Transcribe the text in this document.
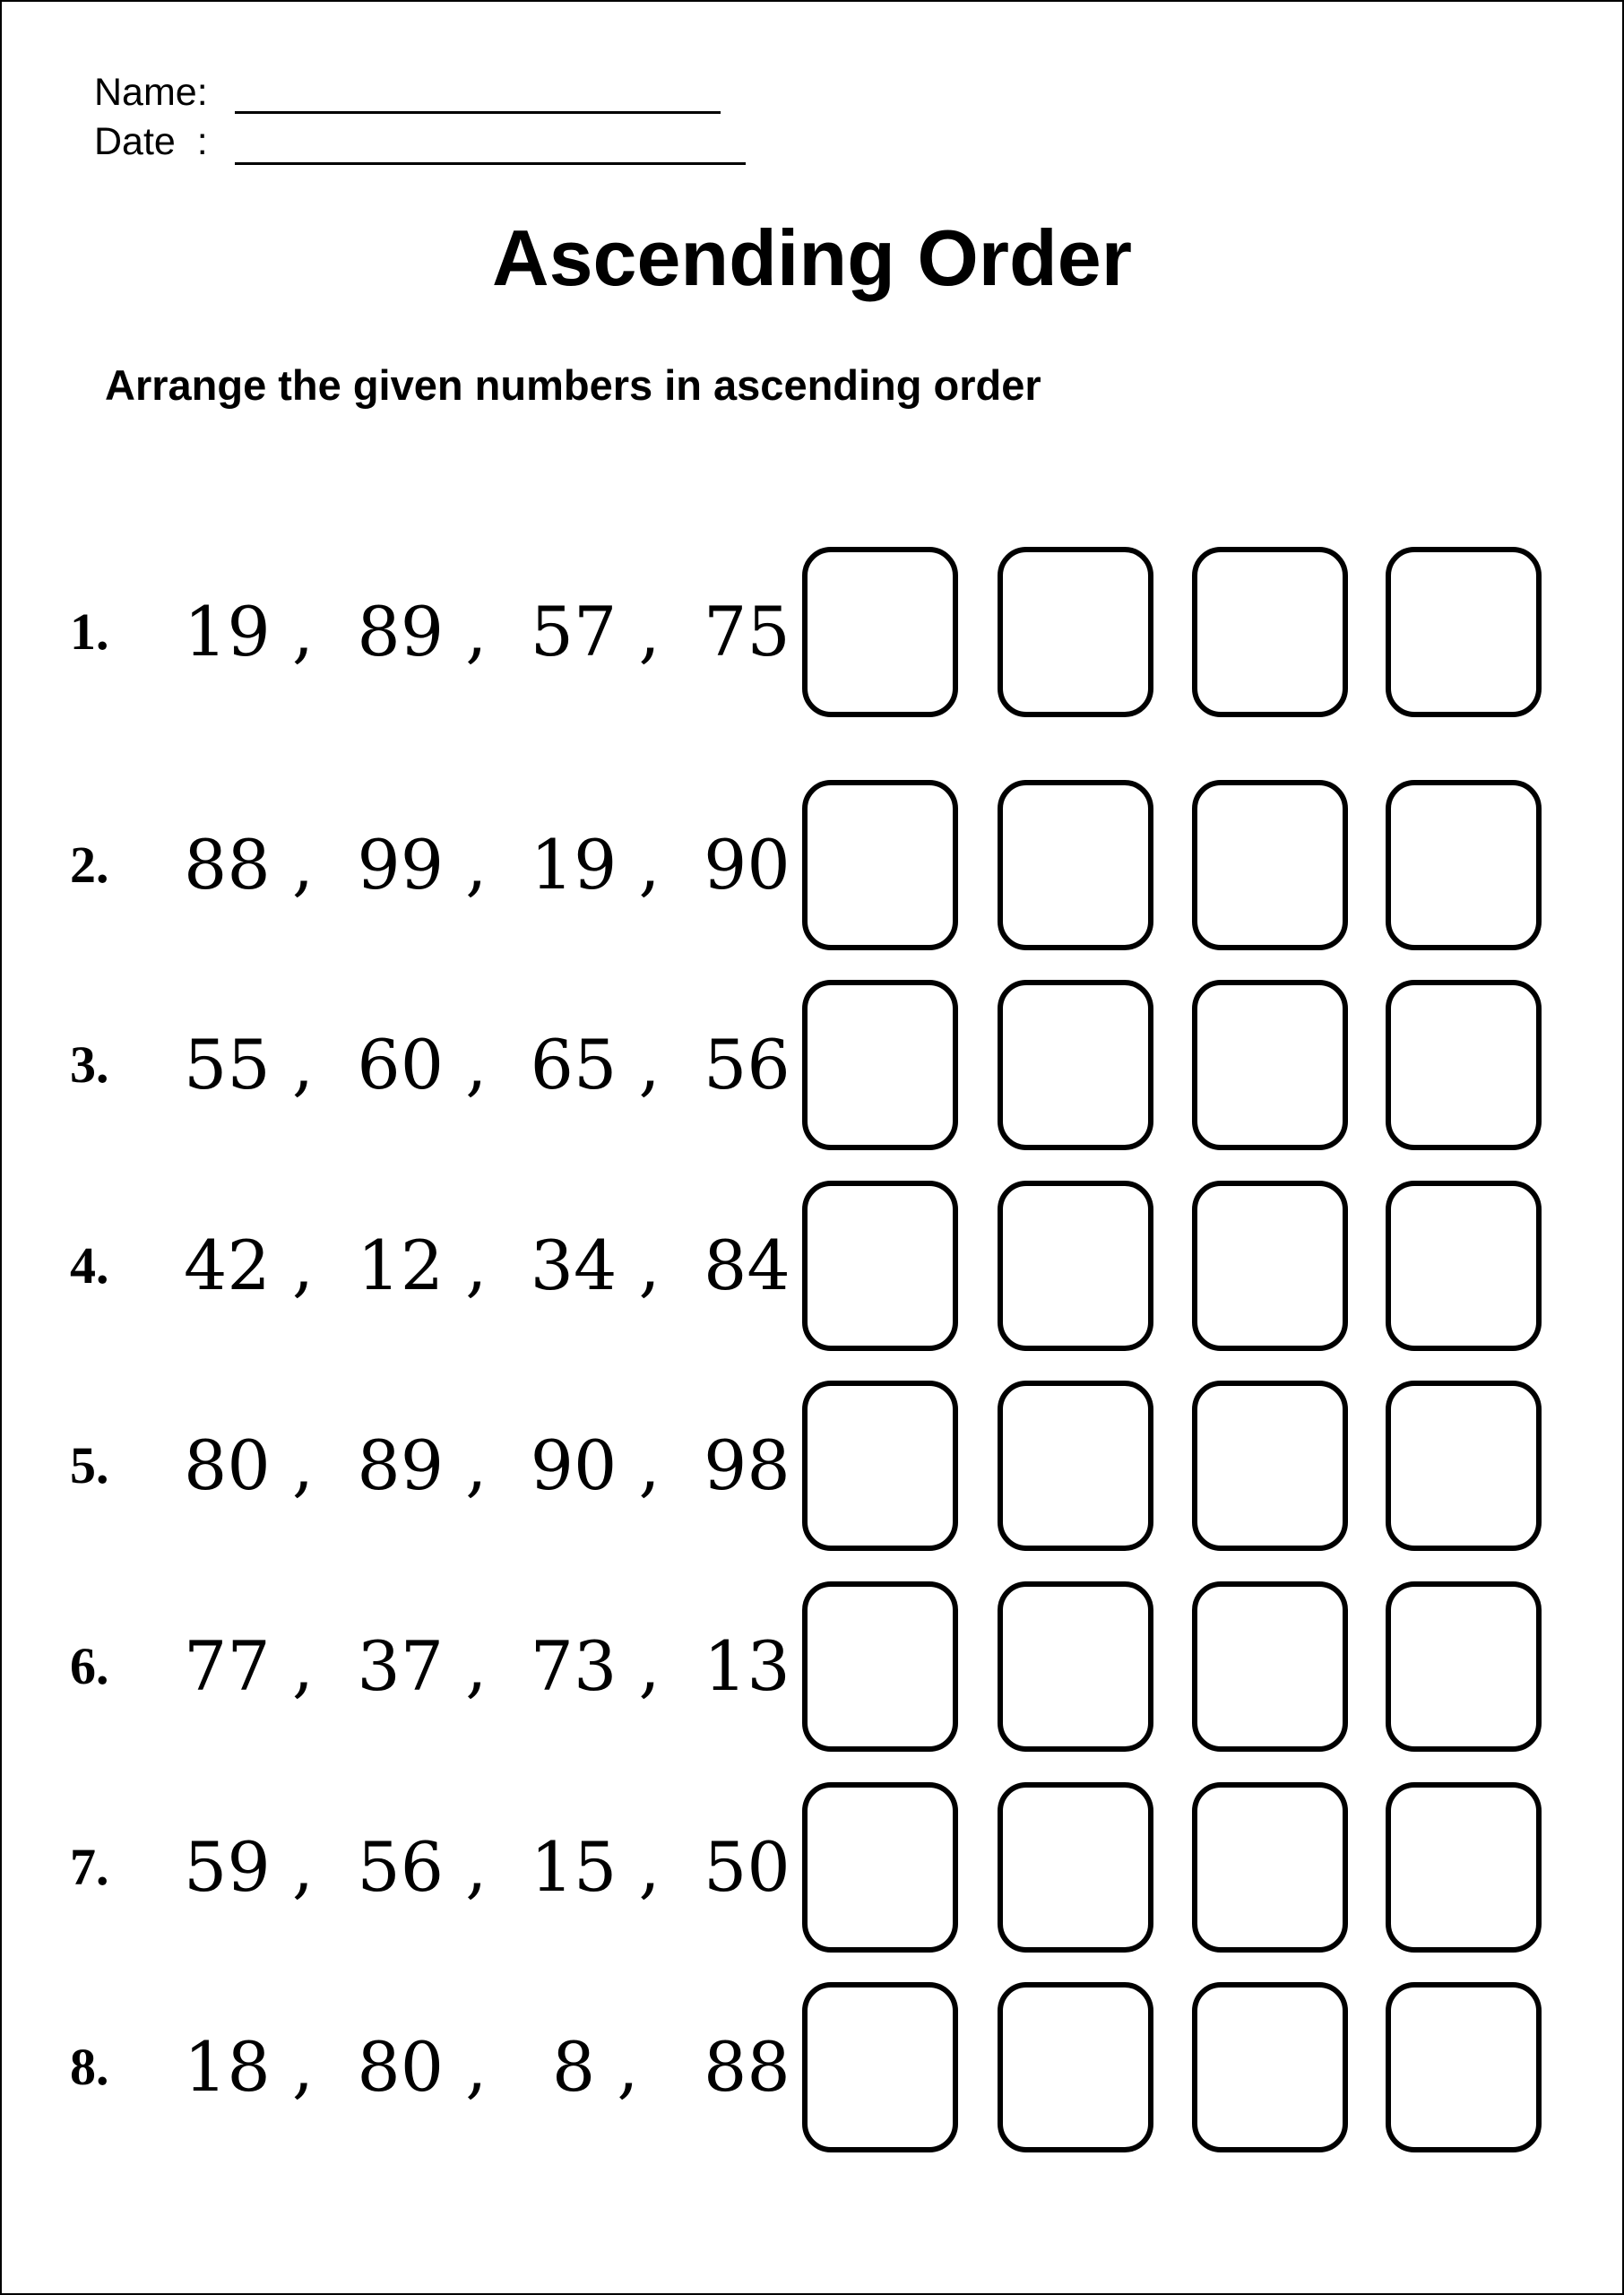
Name:
Date  :
Ascending Order
Arrange the given numbers in ascending order
1. 19 ,  89 ,  57 ,  75
2. 88 ,  99 ,  19 ,  90
3. 55 ,  60 ,  65 ,  56
4. 42 ,  12 ,  34 ,  84
5. 80 ,  89 ,  90 ,  98
6. 77 ,  37 ,  73 ,  13
7. 59 ,  56 ,  15 ,  50
8. 18 ,  80 ,   8 ,   88
